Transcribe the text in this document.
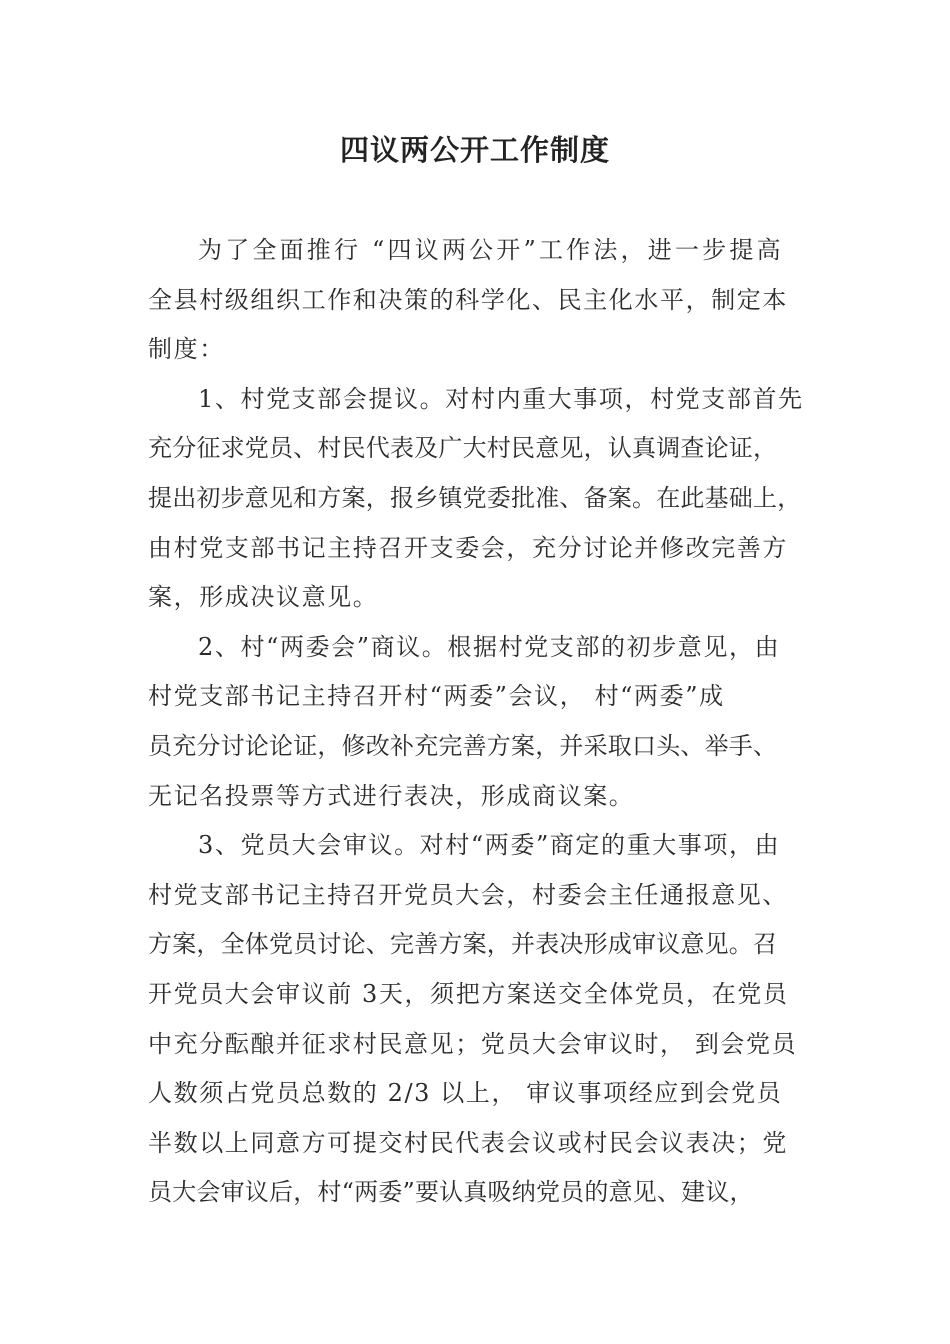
四议两公开工作制度
为了全面推行 “四议两公开”工作法，进一步提高
全县村级组织工作和决策的科学化、民主化水平，制定本
制度：
1、村党支部会提议。对村内重大事项，村党支部首先
充分征求党员、村民代表及广大村民意见，认真调查论证，
提出初步意见和方案，报乡镇党委批准、备案。在此基础上，
由村党支部书记主持召开支委会，充分讨论并修改完善方
案，形成决议意见。
2、村“两委会”商议。根据村党支部的初步意见，由
村党支部书记主持召开村“两委”会议， 村“两委”成
员充分讨论论证，修改补充完善方案，并采取口头、举手、
无记名投票等方式进行表决，形成商议案。
3、党员大会审议。对村“两委”商定的重大事项，由
村党支部书记主持召开党员大会，村委会主任通报意见、
方案，全体党员讨论、完善方案，并表决形成审议意见。召
开党员大会审议前 3天，须把方案送交全体党员，在党员
中充分酝酿并征求村民意见；党员大会审议时， 到会党员
人数须占党员总数的 2/3 以上， 审议事项经应到会党员
半数以上同意方可提交村民代表会议或村民会议表决；党
员大会审议后，村“两委”要认真吸纳党员的意见、建议，
